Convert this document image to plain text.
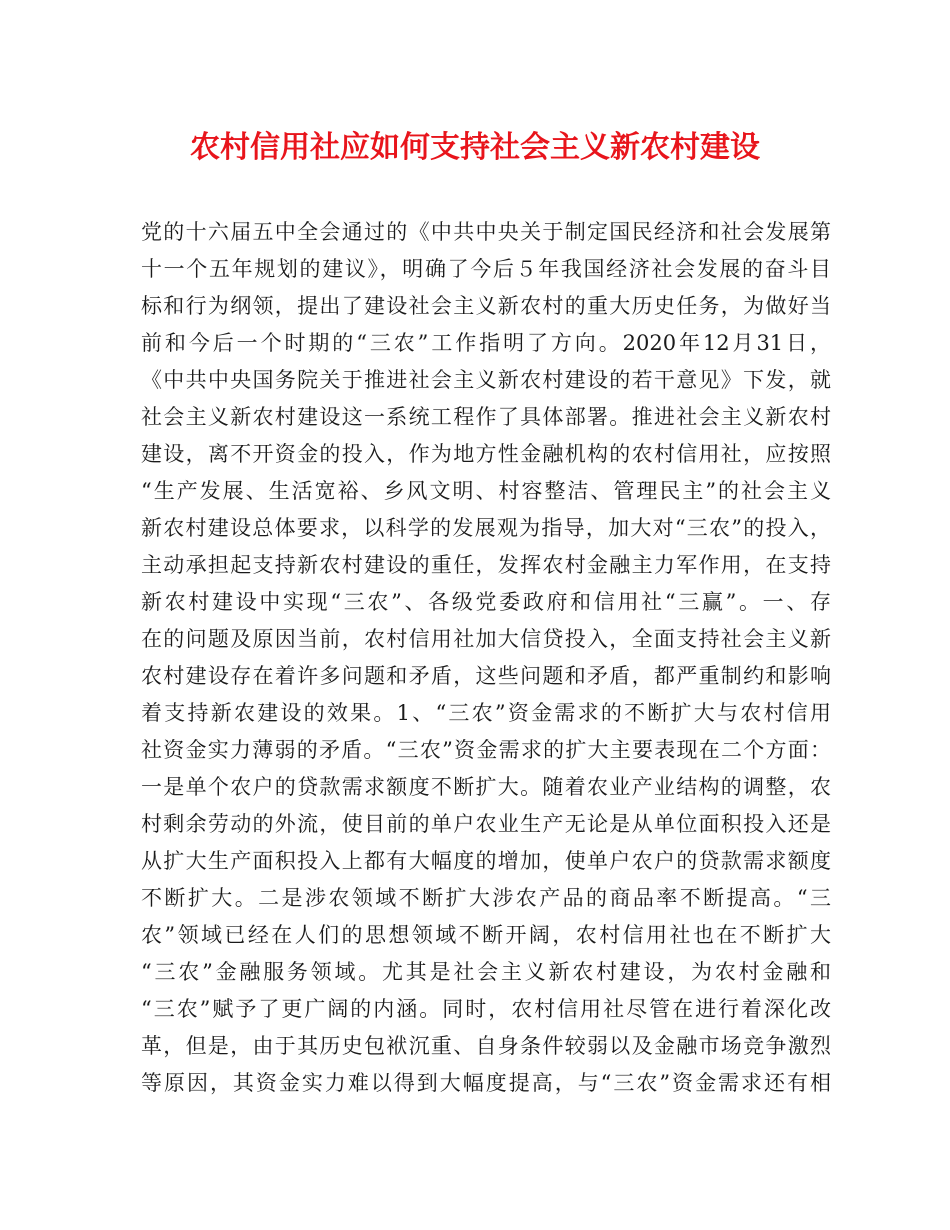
农村信用社应如何支持社会主义新农村建设
党的十六届五中全会通过的《中共中央关于制定国民经济和社会发展第
十一个五年规划的建议》，明确了今后５年我国经济社会发展的奋斗目
标和行为纲领，提出了建设社会主义新农村的重大历史任务，为做好当
前和今后一个时期的“三农”工作指明了方向。2020年12月31日，
《中共中央国务院关于推进社会主义新农村建设的若干意见》下发，就
社会主义新农村建设这一系统工程作了具体部署。推进社会主义新农村
建设，离不开资金的投入，作为地方性金融机构的农村信用社，应按照
“生产发展、生活宽裕、乡风文明、村容整洁、管理民主”的社会主义
新农村建设总体要求，以科学的发展观为指导，加大对“三农”的投入，
主动承担起支持新农村建设的重任，发挥农村金融主力军作用，在支持
新农村建设中实现“三农”、各级党委政府和信用社“三赢”。一、存
在的问题及原因当前，农村信用社加大信贷投入，全面支持社会主义新
农村建设存在着许多问题和矛盾，这些问题和矛盾，都严重制约和影响
着支持新农建设的效果。1、“三农”资金需求的不断扩大与农村信用
社资金实力薄弱的矛盾。“三农”资金需求的扩大主要表现在二个方面：
一是单个农户的贷款需求额度不断扩大。随着农业产业结构的调整，农
村剩余劳动的外流，使目前的单户农业生产无论是从单位面积投入还是
从扩大生产面积投入上都有大幅度的增加，使单户农户的贷款需求额度
不断扩大。二是涉农领域不断扩大涉农产品的商品率不断提高。“三
农”领域已经在人们的思想领域不断开阔，农村信用社也在不断扩大
“三农”金融服务领域。尤其是社会主义新农村建设，为农村金融和
“三农”赋予了更广阔的内涵。同时，农村信用社尽管在进行着深化改
革，但是，由于其历史包袱沉重、自身条件较弱以及金融市场竞争激烈
等原因，其资金实力难以得到大幅度提高，与“三农”资金需求还有相
